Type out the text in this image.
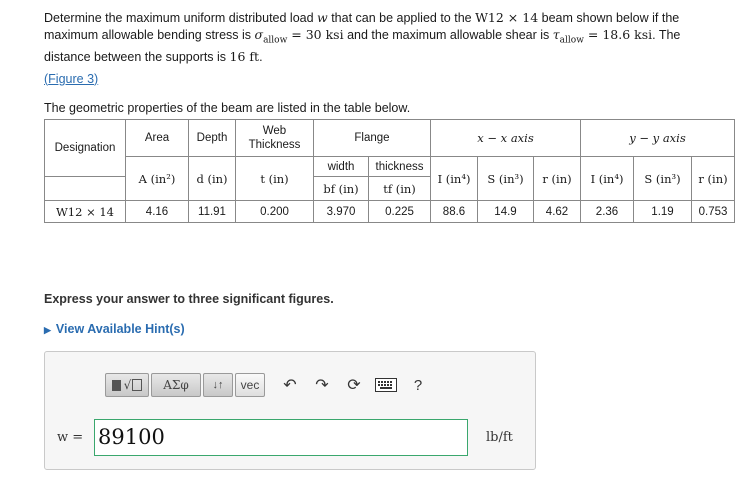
Determine the maximum uniform distributed load w that can be applied to the W12 × 14 beam shown below if the
maximum allowable bending stress is $\sigma_{allow} = 30$ ksi and the maximum allowable shear is $\tau_{allow} = 18.6$ ksi. The
distance between the supports is 16 ft.
(Figure 3)
The geometric properties of the beam are listed in the table below.
Designation	Area	Depth	Web Thickness	Flange		x − x axis			y − y axis		
	A (in²)	d (in)	t (in)	width	thickness	I (in⁴)	S (in³)	r (in)	I (in⁴)	S (in³)	r (in)
				bf (in)	tf (in)						
W12 × 14	4.16	11.91	0.200	3.970	0.225	88.6	14.9	4.62	2.36	1.19	0.753
Express your answer to three significant figures.
▶ View Available Hint(s)
√	ΑΣφ	↓↑	vec	↶	↷	⟳	?
w = 89100	lb/ft
